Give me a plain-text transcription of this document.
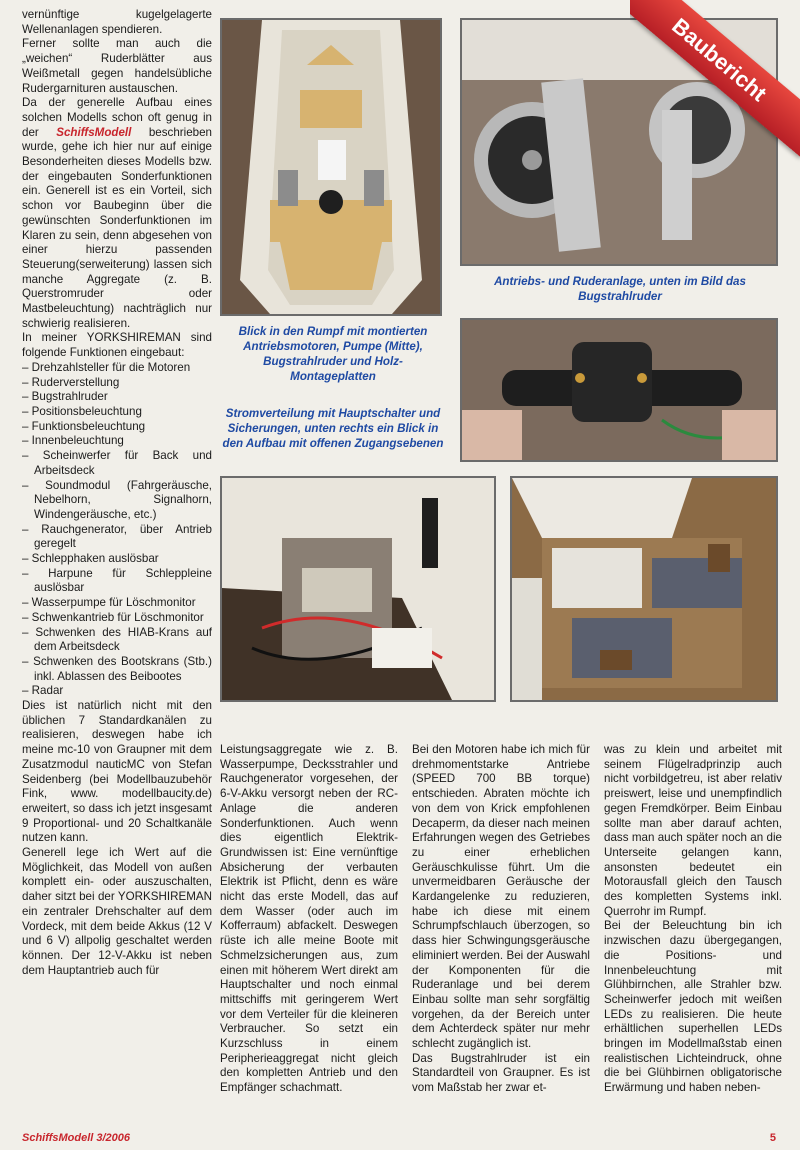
vernünftige kugelgelagerte Wellenanlagen spendieren.

Ferner sollte man auch die „weichen“ Ruderblätter aus Weißmetall gegen handelsübliche Rudergarnituren austauschen.

Da der generelle Aufbau eines solchen Modells schon oft genug in der SchiffsModell beschrieben wurde, gehe ich hier nur auf einige Besonderheiten dieses Modells bzw. der eingebauten Sonderfunktionen ein. Generell ist es ein Vorteil, sich schon vor Baubeginn über die gewünschten Sonderfunktionen im Klaren zu sein, denn abgesehen von einer hierzu passenden Steuerung(serweiterung) lassen sich manche Aggregate (z. B. Querstromruder oder Mastbeleuchtung) nachträglich nur schwierig realisieren.

In meiner YORKSHIREMAN sind folgende Funktionen eingebaut:

– Drehzahlsteller für die Motoren
– Ruderverstellung
– Bugstrahlruder
– Positionsbeleuchtung
– Funktionsbeleuchtung
– Innenbeleuchtung
– Scheinwerfer für Back und Arbeitsdeck
– Soundmodul (Fahrgeräusche, Nebelhorn, Signalhorn, Windengeräusche, etc.)
– Rauchgenerator, über Antrieb geregelt
– Schlepphaken auslösbar
– Harpune für Schleppleine auslösbar
– Wasserpumpe für Löschmonitor
– Schwenkantrieb für Löschmonitor
– Schwenken des HIAB-Krans auf dem Arbeitsdeck
– Schwenken des Bootskrans (Stb.) inkl. Ablassen des Beibootes
– Radar

Dies ist natürlich nicht mit den üblichen 7 Standardkanälen zu realisieren, deswegen habe ich meine mc-10 von Graupner mit dem Zusatzmodul nauticMC von Stefan Seidenberg (bei Modellbauzubehör Fink, www. modellbaucity.de) erweitert, so dass ich jetzt insgesamt 9 Proportional- und 20 Schaltkanäle nutzen kann.

Generell lege ich Wert auf die Möglichkeit, das Modell von außen komplett ein- oder auszuschalten, daher sitzt bei der YORKSHIREMAN ein zentraler Drehschalter auf dem Vordeck, mit dem beide Akkus (12 V und 6 V) allpolig geschaltet werden können. Der 12-V-Akku ist neben dem Hauptantrieb auch für

Antriebs- und Ruderanlage, unten im Bild das Bugstrahlruder
Blick in den Rumpf mit montierten Antriebsmotoren, Pumpe (Mitte), Bugstrahlruder und Holz-Montageplatten
Stromverteilung mit Hauptschalter und Sicherungen, unten rechts ein Blick in den Aufbau mit offenen Zugangsebenen

Leistungsaggregate wie z. B. Wasserpumpe, Decksstrahler und Rauchgenerator vorgesehen, der 6-V-Akku versorgt neben der RC-Anlage die anderen Sonderfunktionen. Auch wenn dies eigentlich Elektrik-Grundwissen ist: Eine vernünftige Absicherung der verbauten Elektrik ist Pflicht, denn es wäre nicht das erste Modell, das auf dem Wasser (oder auch im Kofferraum) abfackelt. Deswegen rüste ich alle meine Boote mit Schmelzsicherungen aus, zum einen mit höherem Wert direkt am Hauptschalter und noch einmal mittschiffs mit geringerem Wert vor dem Verteiler für die kleineren Verbraucher. So setzt ein Kurzschluss in einem Peripherieaggregat nicht gleich den kompletten Antrieb und den Empfänger schachmatt.

Bei den Motoren habe ich mich für drehmomentstarke Antriebe (SPEED 700 BB torque) entschieden. Abraten möchte ich von dem von Krick empfohlenen Decaperm, da dieser nach meinen Erfahrungen wegen des Getriebes zu einer erheblichen Geräuschkulisse führt. Um die unvermeidbaren Geräusche der Kardangelenke zu reduzieren, habe ich diese mit einem Schrumpfschlauch überzogen, so dass hier Schwingungsgeräusche eliminiert werden. Bei der Auswahl der Komponenten für die Ruderanlage und bei derem Einbau sollte man sehr sorgfältig vorgehen, da der Bereich unter dem Achterdeck später nur mehr schlecht zugänglich ist.

Das Bugstrahlruder ist ein Standardteil von Graupner. Es ist vom Maßstab her zwar et-

was zu klein und arbeitet mit seinem Flügelradprinzip auch nicht vorbildgetreu, ist aber relativ preiswert, leise und unempfindlich gegen Fremdkörper. Beim Einbau sollte man aber darauf achten, dass man auch später noch an die Unterseite gelangen kann, ansonsten bedeutet ein Motorausfall gleich den Tausch des kompletten Systems inkl. Querrohr im Rumpf.

Bei der Beleuchtung bin ich inzwischen dazu übergegangen, die Positions- und Innenbeleuchtung mit Glühbirnchen, alle Strahler bzw. Scheinwerfer jedoch mit weißen LEDs zu realisieren. Die heute erhältlichen superhellen LEDs bringen im Modellmaßstab einen realistischen Lichteindruck, ohne die bei Glühbirnen obligatorische Erwärmung und haben neben-

Baubericht
SchiffsModell 3/2006	5
